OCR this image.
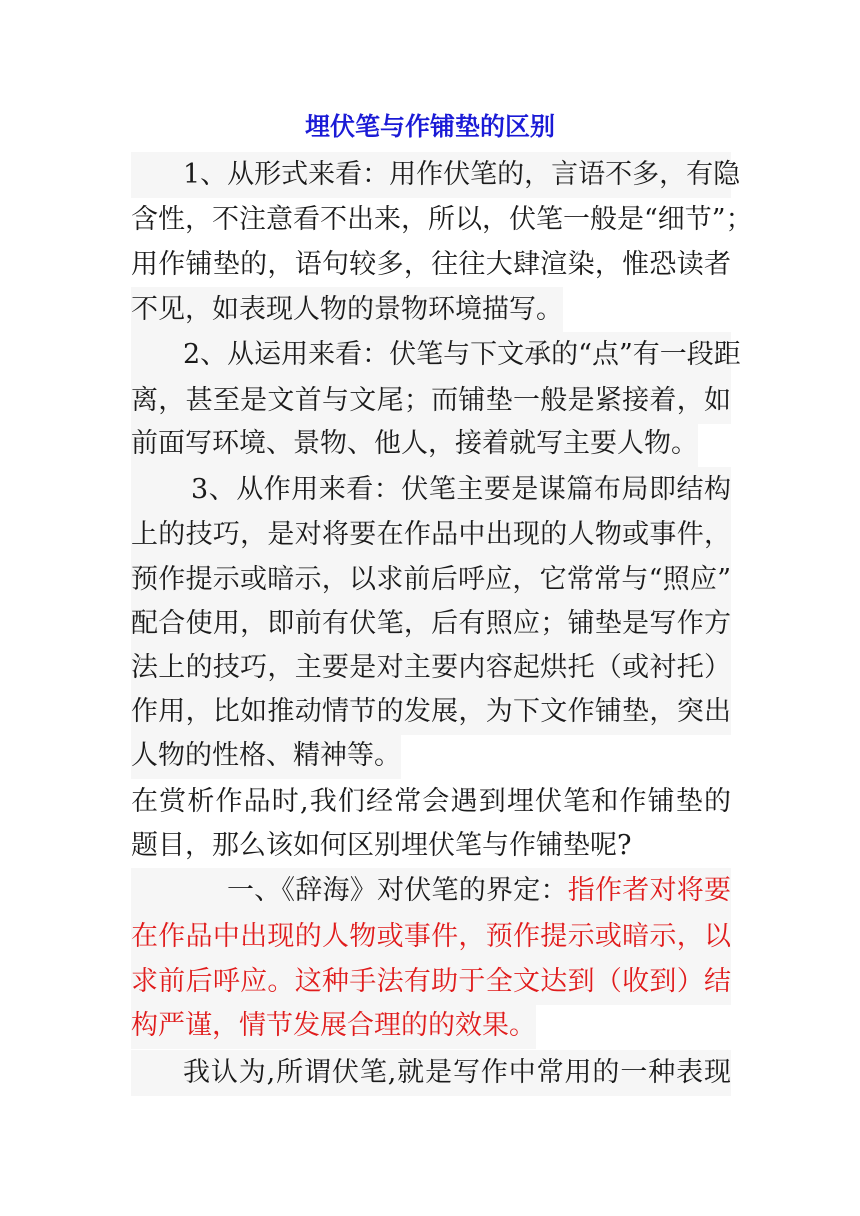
埋伏笔与作铺垫的区别
1、从形式来看：用作伏笔的，言语不多，有隐
含性，不注意看不出来，所以，伏笔一般是“细节”；
用作铺垫的，语句较多，往往大肆渲染，惟恐读者
不见，如表现人物的景物环境描写。
2、从运用来看：伏笔与下文承的“点”有一段距
离，甚至是文首与文尾；而铺垫一般是紧接着，如
前面写环境、景物、他人，接着就写主要人物。
3、从作用来看：伏笔主要是谋篇布局即结构
上的技巧，是对将要在作品中出现的人物或事件，
预作提示或暗示，以求前后呼应，它常常与“照应”
配合使用，即前有伏笔，后有照应；铺垫是写作方
法上的技巧，主要是对主要内容起烘托（或衬托）
作用，比如推动情节的发展，为下文作铺垫，突出
人物的性格、精神等。
在赏析作品时,我们经常会遇到埋伏笔和作铺垫的
题目，那么该如何区别埋伏笔与作铺垫呢?
一、《辞海》对伏笔的界定：指作者对将要
在作品中出现的人物或事件，预作提示或暗示，以
求前后呼应。这种手法有助于全文达到（收到）结
构严谨，情节发展合理的的效果。
我认为,所谓伏笔,就是写作中常用的一种表现
